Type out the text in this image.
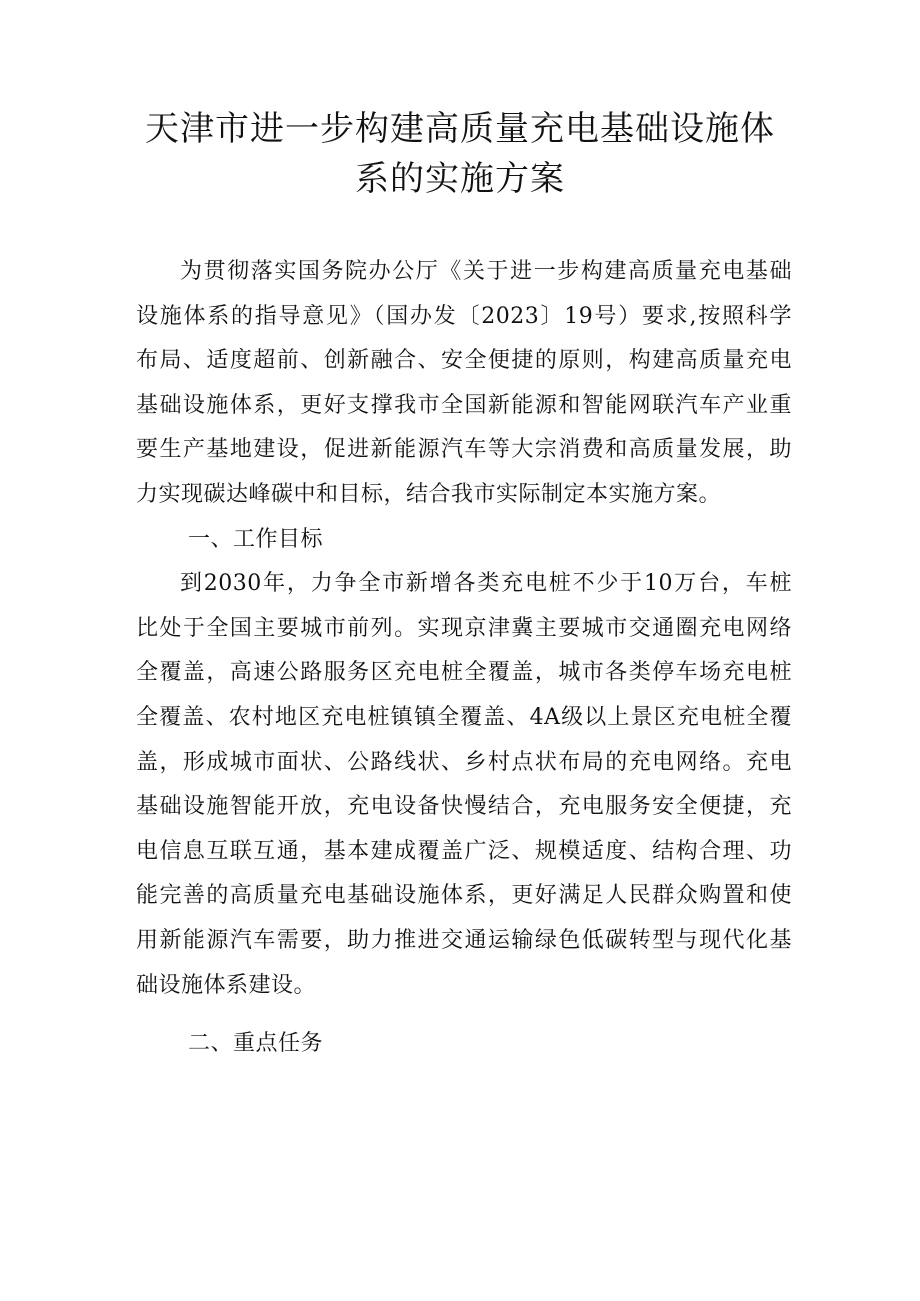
天津市进一步构建高质量充电基础设施体
系的实施方案
为贯彻落实国务院办公厅《关于进一步构建高质量充电基础
设施体系的指导意见》（国办发〔2023〕19号）要求,按照科学
布局、适度超前、创新融合、安全便捷的原则，构建高质量充电
基础设施体系，更好支撑我市全国新能源和智能网联汽车产业重
要生产基地建设，促进新能源汽车等大宗消费和高质量发展，助
力实现碳达峰碳中和目标，结合我市实际制定本实施方案。
一、工作目标
到2030年，力争全市新增各类充电桩不少于10万台，车桩
比处于全国主要城市前列。实现京津冀主要城市交通圈充电网络
全覆盖，高速公路服务区充电桩全覆盖，城市各类停车场充电桩
全覆盖、农村地区充电桩镇镇全覆盖、4A级以上景区充电桩全覆
盖，形成城市面状、公路线状、乡村点状布局的充电网络。充电
基础设施智能开放，充电设备快慢结合，充电服务安全便捷，充
电信息互联互通，基本建成覆盖广泛、规模适度、结构合理、功
能完善的高质量充电基础设施体系，更好满足人民群众购置和使
用新能源汽车需要，助力推进交通运输绿色低碳转型与现代化基
础设施体系建设。
二、重点任务
